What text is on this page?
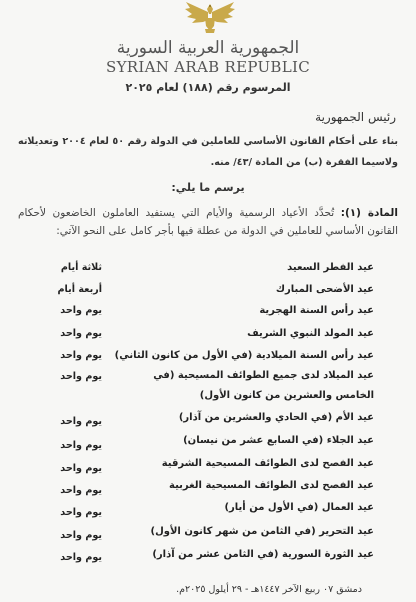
الجمهورية العربية السورية
SYRIAN ARAB REPUBLIC
المرسوم رقم (١٨٨) لعام ٢٠٢٥
رئيس الجمهورية
بناء على أحكام القانون الأساسي للعاملين في الدولة رقم ٥٠ لعام ٢٠٠٤ وتعديلاته ولاسيما الفقرة (ب) من المادة /٤٣/ منه.
يرسم ما يلي:
المادة (١): تُحدَّد الأعياد الرسمية والأيام التي يستفيد العاملون الخاضعون لأحكام القانون الأساسي للعاملين في الدولة من عطلة فيها بأجر كامل على النحو الآتي:
عيد الفطر السعيد
ثلاثة أيام
عيد الأضحى المبارك
أربعة أيام
عيد رأس السنة الهجرية
يوم واحد
عيد المولد النبوي الشريف
يوم واحد
عيد رأس السنة الميلادية (في الأول من كانون الثاني)
يوم واحد
عيد الميلاد لدى جميع الطوائف المسيحية (في الخامس والعشرين من كانون الأول)
يوم واحد
عيد الأم (في الحادي والعشرين من آذار)
يوم واحد
عيد الجلاء (في السابع عشر من نيسان)
يوم واحد
عيد الفصح لدى الطوائف المسيحية الشرقية
يوم واحد
عيد الفصح لدى الطوائف المسيحية الغربية
يوم واحد
عيد العمال (في الأول من أيار)
يوم واحد
عيد التحرير (في الثامن من شهر كانون الأول)
يوم واحد
عيد الثورة السورية (في الثامن عشر من آذار)
يوم واحد
دمشق ٠٧ ربيع الآخر ١٤٤٧هـ - ٢٩ أيلول ٢٠٢٥م.
